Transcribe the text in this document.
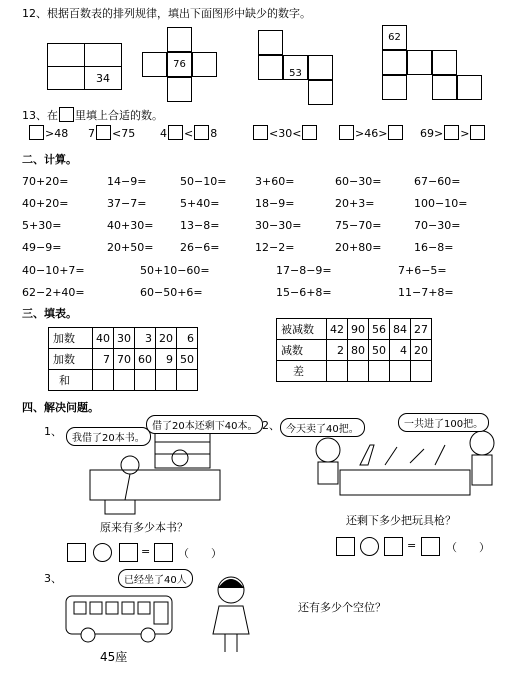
12、根据百数表的排列规律，填出下面图形中缺少的数字。

	34
76
53
62
13、在 里填上合适的数。
>48 7 <75 4 < 8	<30<	>46>	69> >
二、计算。
70+20=	14−9=	50−10=	3+60=	60−30=	67−60=
40+20=	37−7=	5+40=	18−9=	20+3=	100−10=
5+30=	40+30= 13−8=	30−30=	75−70=	70−30=
49−9=	20+50= 26−6=	12−2=	20+80=	16−8=
40−10+7=	50+10−60=	17−8−9=	7+6−5=
62−2+40=	60−50+6=	15−6+8=	11−7+8=
三、填表。
加数	40	30	3	20	6
加数	7	70	60	9	50
和					
被减数	42	90	56	84	27
减数	2	80	50	4	20
差					
四、解决问题。
1、
我借了20本书。
借了20本还剩下40本。
原来有多少本书？
=	（　　）
2、 今天卖了40把。	一共进了100把。
还剩下多少把玩具枪？
=	（　　）
3、
45座
已经坐了40人
还有多少个空位？
